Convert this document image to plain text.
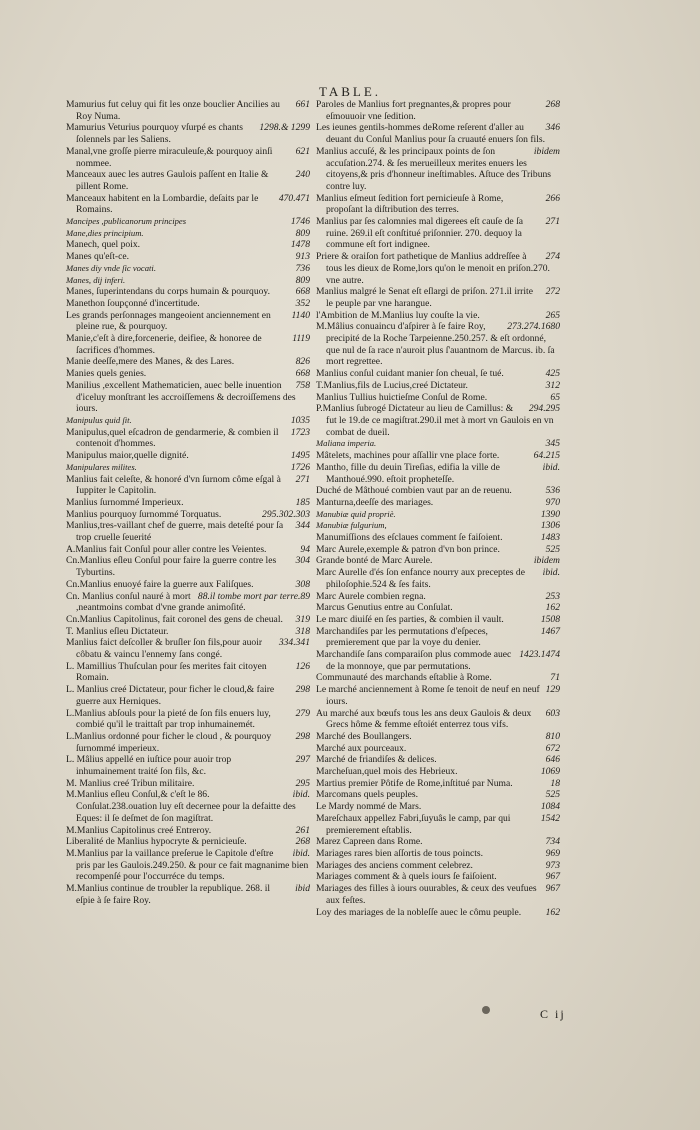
TABLE.

661
Mamurius fut celuy qui fit les onze bouclier Ancilies au Roy Numa.

1298.& 1299
Mamurius Veturius pourquoy vſurpé es chants ſolennels par les Saliens.

621
Manal,vne groſſe pierre miraculeuſe,& pourquoy ainſi nommee.

240
Manceaux auec les autres Gaulois paſſent en Italie & pillent Rome.

470.471
Manceaux habitent en la Lombardie, deſaits par le Romains.

1746
Mancipes ,publicanorum principes

809
Mane,dies principium.

1478
Manech, quel poix.

913
Manes qu'eſt-ce.

736
Manes diy vnde ſic vocati.

809
Manes, dij inferi.

668
Manes, ſuperintendans du corps humain & pourquoy.

352
Manethon ſoupçonné d'incertitude.

1140
Les grands perſonnages mangeoient anciennement en pleine rue, & pourquoy.

1119
Manie,c'eſt à dire,forcenerie, deifiee, & honoree de ſacrifices d'hommes.

826
Manie deeſſe,mere des Manes, & des Lares.

668
Manies quels genies.

758
Manilius ,excellent Mathematicien, auec belle inuention d'iceluy monſtrant les accroiſſemens & decroiſſemens des iours.

1035
Manipulus quid ſit.

1723
Manipulus,quel eſcadron de gendarmerie, & combien il contenoit d'hommes.

1495
Manipulus maior,quelle dignité.

1726
Manipulares milites.

271
Manlius fait celeſte, & honoré d'vn ſurnom côme eſgal à Iuppiter le Capitolin.

185
Manlius ſurnommé Imperieux.

295.302.303
Manlius pourquoy ſurnommé Torquatus.

344
Manlius,tres-vaillant chef de guerre, mais deteſté pour ſa trop cruelle ſeuerité

94
A.Manlius fait Conſul pour aller contre les Veientes.

304
Cn.Manlius eſleu Conſul pour faire la guerre contre les Tyburtins.

308
Cn.Manlius enuoyé faire la guerre aux Faliſques.

88.il tombe mort par terre.89
Cn. Manlius conſul nauré à mort ,neantmoins combat d'vne grande animoſité.

319
Cn.Manlius Capitolinus, fait coronel des gens de cheual.

318
T. Manlius eſleu Dictateur.

334.341
Manlius faict deſcoller & bruſler ſon fils,pour auoir côbatu & vaincu l'ennemy ſans congé.

126
L. Mamillius Thuſculan pour ſes merites fait citoyen Romain.

298
L. Manlius creé Dictateur, pour ficher le cloud,& faire guerre aux Herniques.

279
L.Manlius abſouls pour la pieté de ſon fils enuers luy, combié qu'il le traittaſt par trop inhumainemét.

298
L.Manlius ordonné pour ficher le cloud , & pourquoy ſurnommé imperieux.

297
L. Mâlius appellé en iuſtice pour auoir trop inhumainement traité ſon fils, &c.

295
M. Manlius creé Tribun militaire.

ibid.
M.Manlius eſleu Conſul,& c'eſt le 86. Conſulat.238.ouation luy eſt decernee pour la defaitte des Eques: il ſe deſmet de ſon magiſtrat.

261
M.Manlius Capitolinus creé Entreroy.

268
Liberalité de Manlius hypocryte & pernicieuſe.

ibid.
M.Manlius par la vaillance preſerue le Capitole d'eſtre pris par les Gaulois.249.250. & pour ce fait magnanime bien recompenſé pour l'occurréce du temps.

ibid
M.Manlius continue de troubler la republique. 268. il eſpie à ſe faire Roy.

268
Paroles de Manlius fort pregnantes,& propres pour eſmouuoir vne ſedition.

346
Les ieunes gentils-hommes deRome reſerent d'aller au deuant du Conſul Manlius pour ſa cruauté enuers ſon fils.

ibidem
Manlius accuſé, & les principaux points de ſon accuſation.274. & ſes merueilleux merites enuers les citoyens,& pris d'honneur ineſtimables. Aſtuce des Tribuns contre luy.

266
Manlius eſmeut ſedition fort pernicieuſe à Rome, propoſant la diſtribution des terres.

271
Manlius par ſes calomnies mal digerees eſt cauſe de ſa ruine. 269.il eſt conſtitué priſonnier. 270. dequoy la commune eſt fort indignee.

274
Priere & oraiſon fort pathetique de Manlius addreſſee à tous les dieux de Rome,lors qu'on le menoit en priſon.270. vne autre.

272
Manlius malgré le Senat eſt eſlargi de priſon. 271.il irrite le peuple par vne harangue.

265
l'Ambition de M.Manlius luy couſte la vie.

273.274.1680
M.Mâlius conuaincu d'aſpirer à ſe faire Roy, precipité de la Roche Tarpeienne.250.257. & eſt ordonné, que nul de ſa race n'auroit plus ſ'auantnom de Marcus. ib. ſa mort regrettee.

425
Manlius conſul cuidant manier ſon cheual, ſe tué.

312
T.Manlius,fils de Lucius,creé Dictateur.

65
Manlius Tullius huictieſme Conſul de Rome.

294.295
P.Manlius ſubrogé Dictateur au lieu de Camillus: & fut le 19.de ce magiſtrat.290.il met à mort vn Gaulois en vn combat de dueil.

345
Maliana imperia.

64.215
Mâtelets, machines pour aſſallir vne place forte.

ibid.
Mantho, fille du deuin Tireſias, edifia la ville de Manthoué.990. eſtoit propheteſſe.

536
Duché de Mâthoué combien vaut par an de reuenu.

970
Manturna,deeſſe des mariages.

1390
Manubiæ quid propriè.

1306
Manubiæ fulgurium,

1483
Manumiſſions des eſclaues comment ſe faiſoient.

525
Marc Aurele,exemple & patron d'vn bon prince.

ibidem
Grande bonté de Marc Aurele.

ibid.
Marc Aurelle d'és ſon enfance nourry aux preceptes de philoſophie.524 & ſes faits.

253
Marc Aurele combien regna.

162
Marcus Genutius entre au Conſulat.

1508
Le marc diuiſé en ſes parties, & combien il vault.

1467
Marchandiſes par les permutations d'eſpeces, premierement que par la voye du denier.

1423.1474
Marchandiſe ſans comparaiſon plus commode auec de la monnoye, que par permutations.

71
Communauté des marchands eſtablie à Rome.

129
Le marché anciennement à Rome ſe tenoit de neuf en neuf iours.

603
Au marché aux bœufs tous les ans deux Gaulois & deux Grecs hôme & femme eſtoiét enterrez tous vifs.

810
Marché des Boullangers.

672
Marché aux pourceaux.

646
Marché de friandiſes & delices.

1069
Marcheſuan,quel mois des Hebrieux.

18
Martius premier Pôtife de Rome,inſtitué par Numa.

525
Marcomans quels peuples.

1084
Le Mardy nommé de Mars.

1542
Mareſchaux appellez Fabri,ſuyuâs le camp, par qui premierement eſtablis.

734
Marez Capreen dans Rome.

969
Mariages rares bien aſſortis de tous poincts.

973
Mariages des anciens comment celebrez.

967
Mariages comment & à quels iours ſe faiſoient.

967
Mariages des filles à iours ouurables, & ceux des veufues aux feſtes.

162
Loy des mariages de la nobleſſe auec le cômu peuple.

C ij
